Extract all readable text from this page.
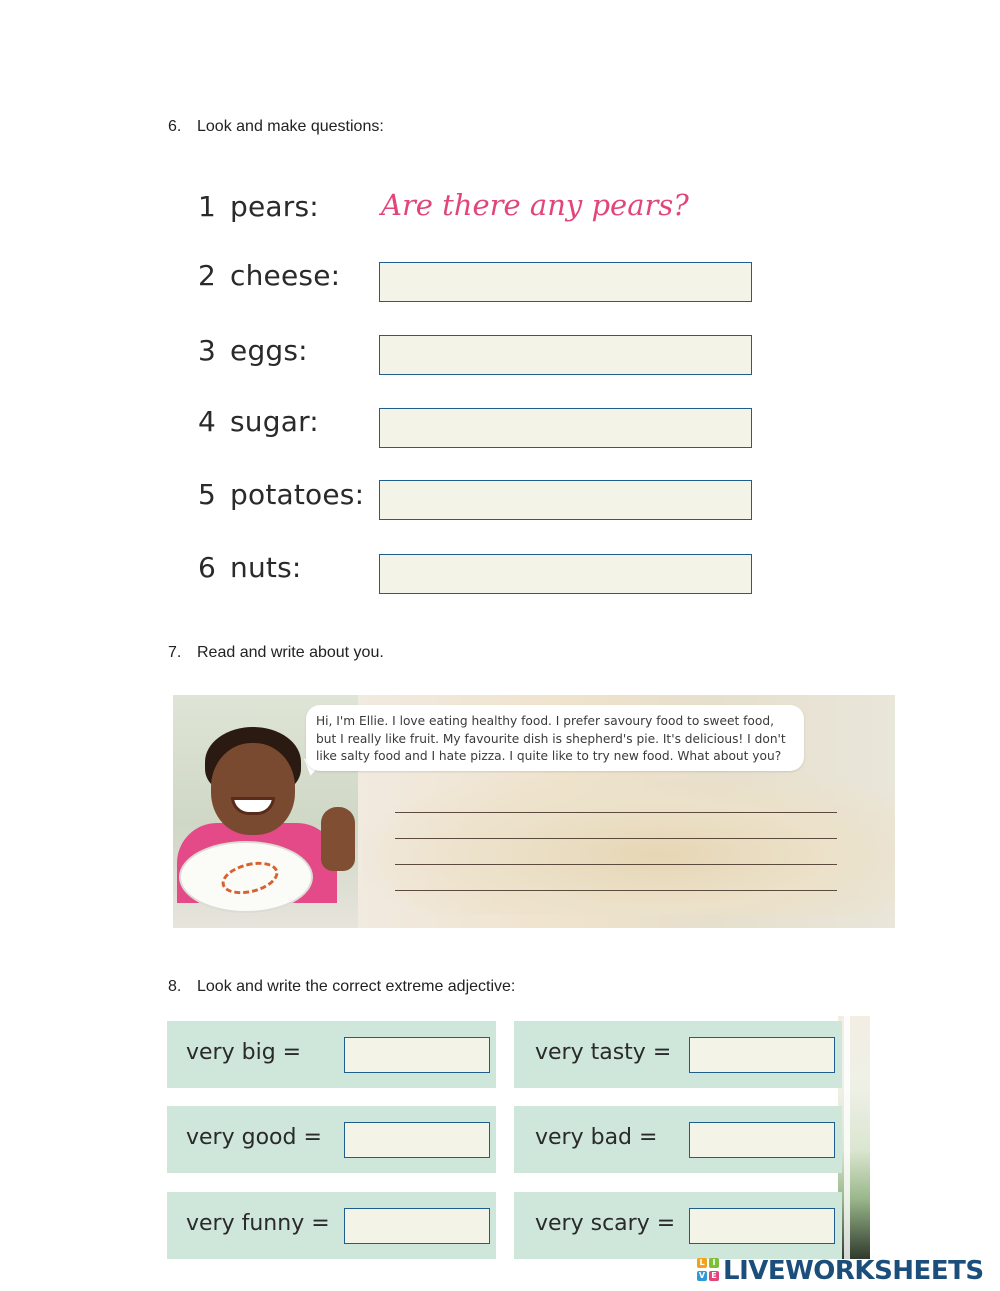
6. Look and make questions:
1 pears: Are there any pears?
2 cheese:
3 eggs:
4 sugar:
5 potatoes:
6 nuts:
7. Read and write about you.
Hi, I'm Ellie. I love eating healthy food. I prefer savoury food to sweet food, but I really like fruit. My favourite dish is shepherd's pie. It's delicious! I don't like salty food and I hate pizza. I quite like to try new food. What about you?
8. Look and write the correct extreme adjective:
very big =	very tasty =
very good =	very bad =
very funny =	very scary =
L I
V E LIVEWORKSHEETS
